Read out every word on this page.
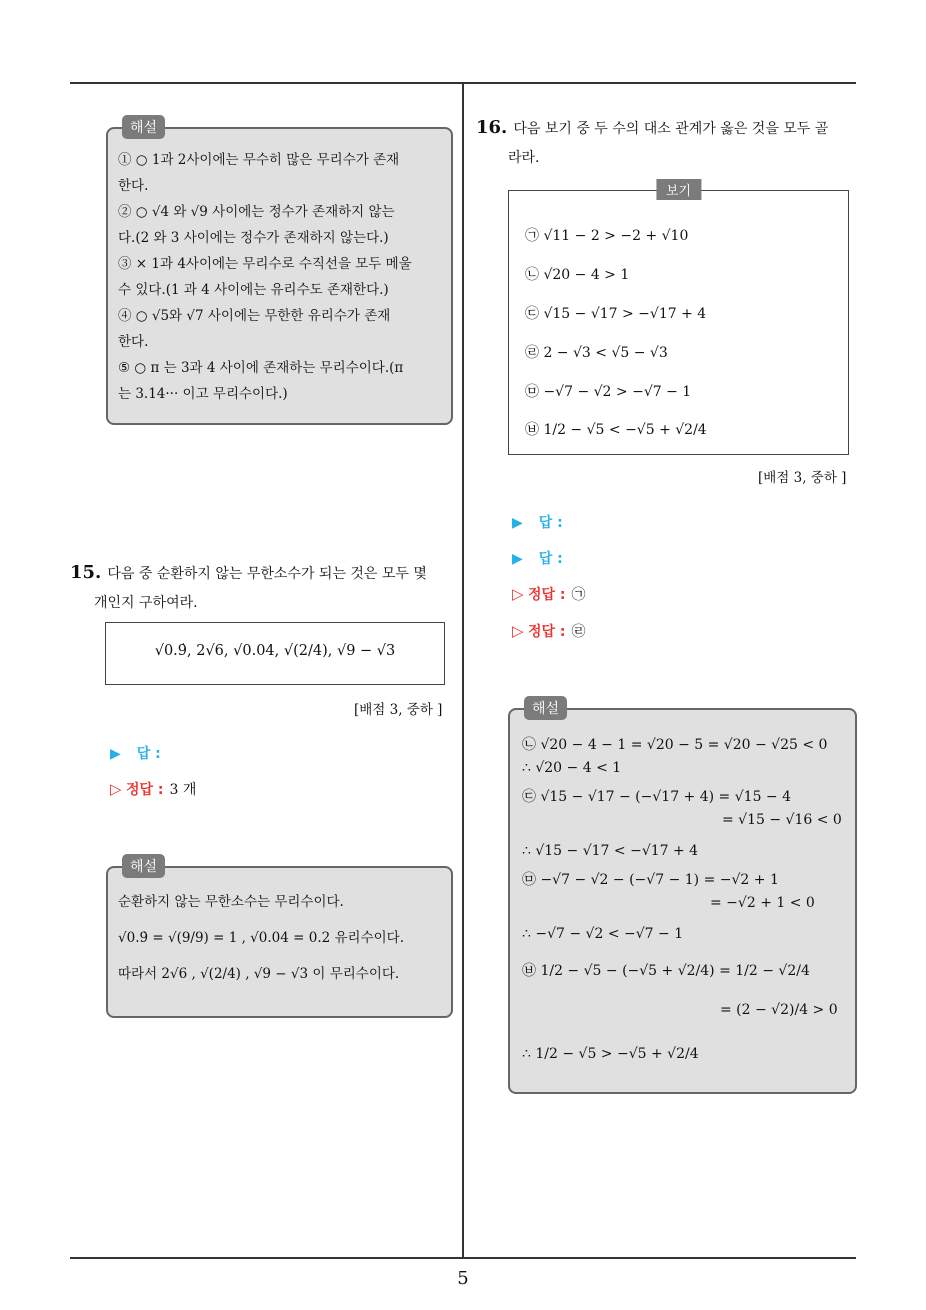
5
해설
① ○ 1과 2사이에는 무수히 많은 무리수가 존재
한다.
② ○ √4 와 √9 사이에는 정수가 존재하지 않는
다.(2 와 3 사이에는 정수가 존재하지 않는다.)
③ × 1과 4사이에는 무리수로 수직선을 모두 메울
수 있다.(1 과 4 사이에는 유리수도 존재한다.)
④ ○ √5와 √7 사이에는 무한한 유리수가 존재
한다.
⑤ ○ π 는 3과 4 사이에 존재하는 무리수이다.(π
는 3.14··· 이고 무리수이다.)
15. 다음 중 순환하지 않는 무한소수가 되는 것은 모두 몇
개인지 구하여라.
√0.9̇, 2√6, √0.04, √(2/4), √9 − √3
[배점 3, 중하 ]
▶ 답 :
▷ 정답 : 3 개
해설
순환하지 않는 무한소수는 무리수이다.
√0.9̇ = √(9/9) = 1 , √0.04 = 0.2 유리수이다.
따라서 2√6 , √(2/4) , √9 − √3 이 무리수이다.
16. 다음 보기 중 두 수의 대소 관계가 옳은 것을 모두 골
라라.
보기
㉠ √11 − 2 > −2 + √10
㉡ √20 − 4 > 1
㉢ √15 − √17 > −√17 + 4
㉣ 2 − √3 < √5 − √3
㉤ −√7 − √2 > −√7 − 1
㉥ 1/2 − √5 < −√5 + √2/4
[배점 3, 중하 ]
▶ 답 :
▶ 답 :
▷ 정답 : ㉠
▷ 정답 : ㉣
해설
㉡ √20 − 4 − 1 = √20 − 5 = √20 − √25 < 0
∴ √20 − 4 < 1
㉢ √15 − √17 − (−√17 + 4) = √15 − 4
= √15 − √16 < 0
∴ √15 − √17 < −√17 + 4
㉤ −√7 − √2 − (−√7 − 1) = −√2 + 1
= −√2 + 1 < 0
∴ −√7 − √2 < −√7 − 1
㉥ 1/2 − √5 − (−√5 + √2/4) = 1/2 − √2/4
= (2 − √2)/4 > 0
∴ 1/2 − √5 > −√5 + √2/4
